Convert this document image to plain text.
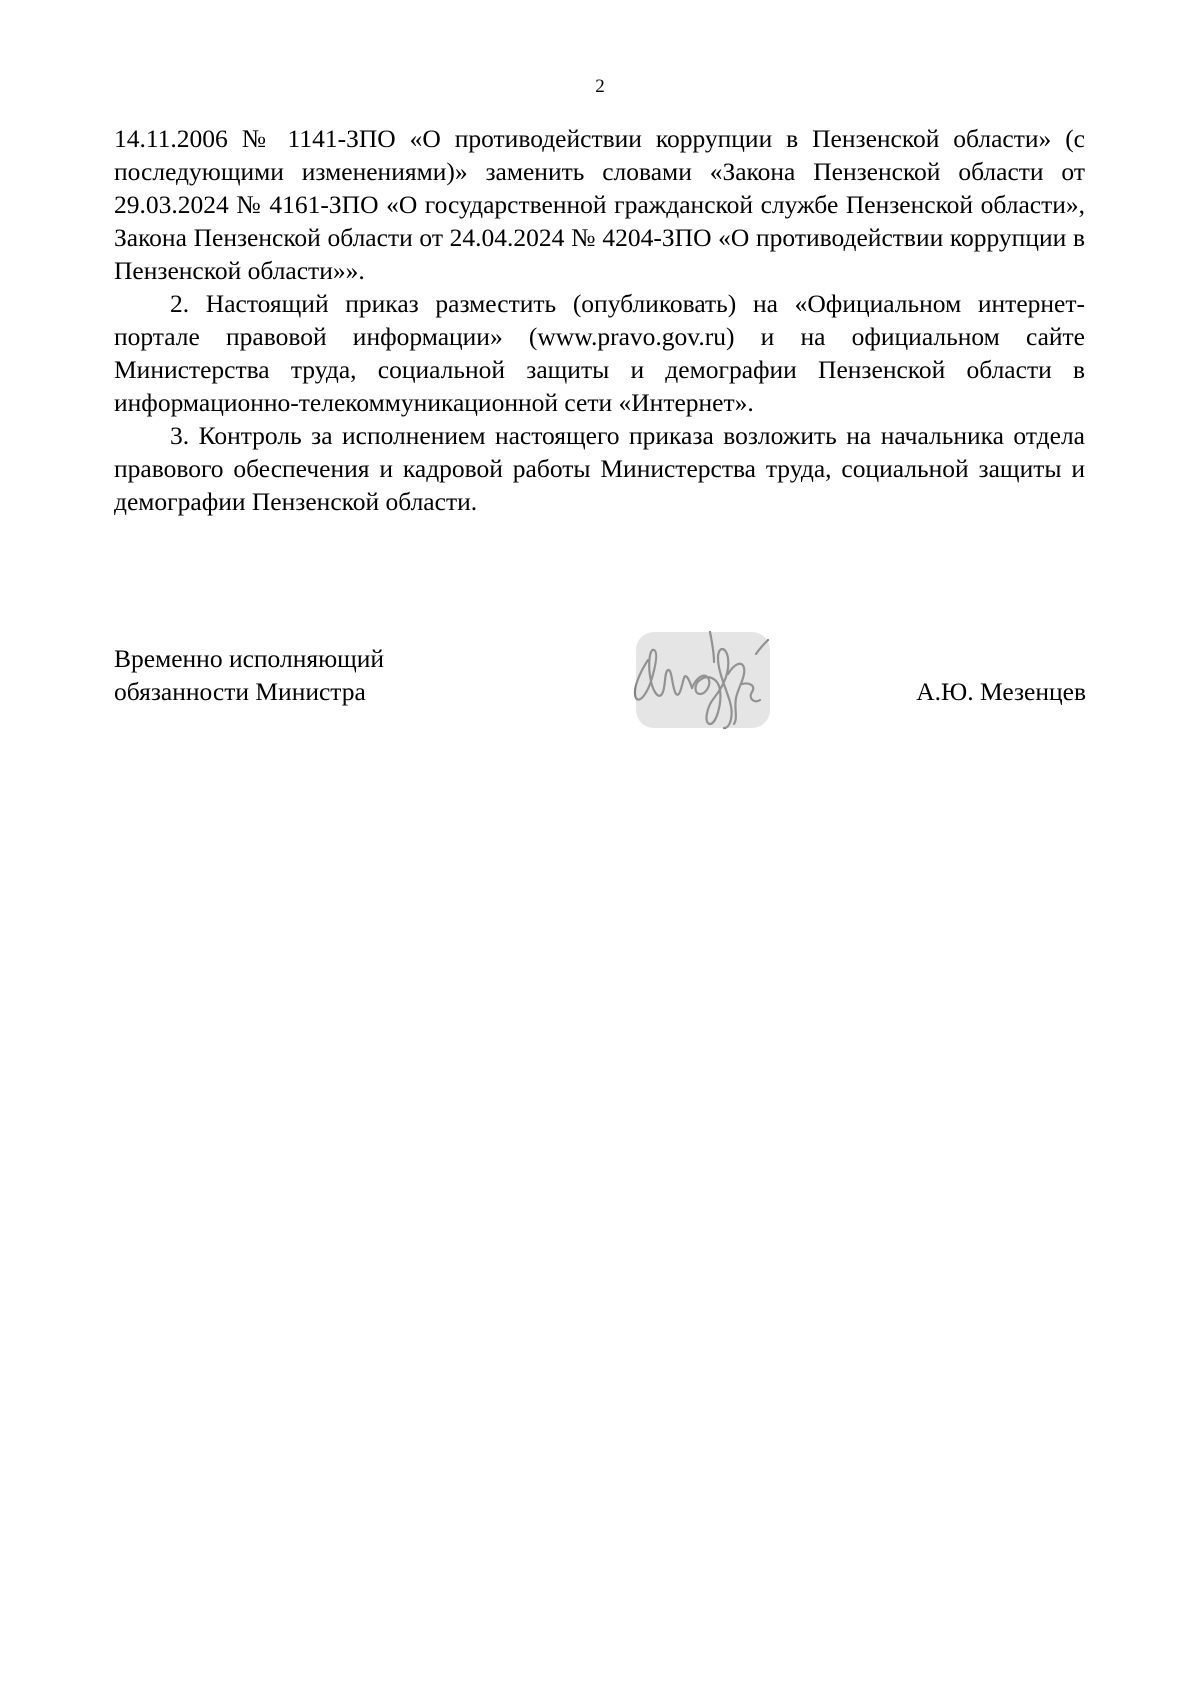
2

14.11.2006 № 1141-ЗПО «О противодействии коррупции в Пензенской области» (с последующими изменениями)» заменить словами «Закона Пензенской области от 29.03.2024 № 4161-ЗПО «О государственной гражданской службе Пензенской области», Закона Пензенской области от 24.04.2024 № 4204-ЗПО «О противодействии коррупции в Пензенской области»».

2. Настоящий приказ разместить (опубликовать) на «Официальном интернет-портале правовой информации» (www.pravo.gov.ru) и на официальном сайте Министерства труда, социальной защиты и демографии Пензенской области в информационно-телекоммуникационной сети «Интернет».

3. Контроль за исполнением настоящего приказа возложить на начальника отдела правового обеспечения и кадровой работы Министерства труда, социальной защиты и демографии Пензенской области.

Временно исполняющий
обязанности Министра	А.Ю. Мезенцев
